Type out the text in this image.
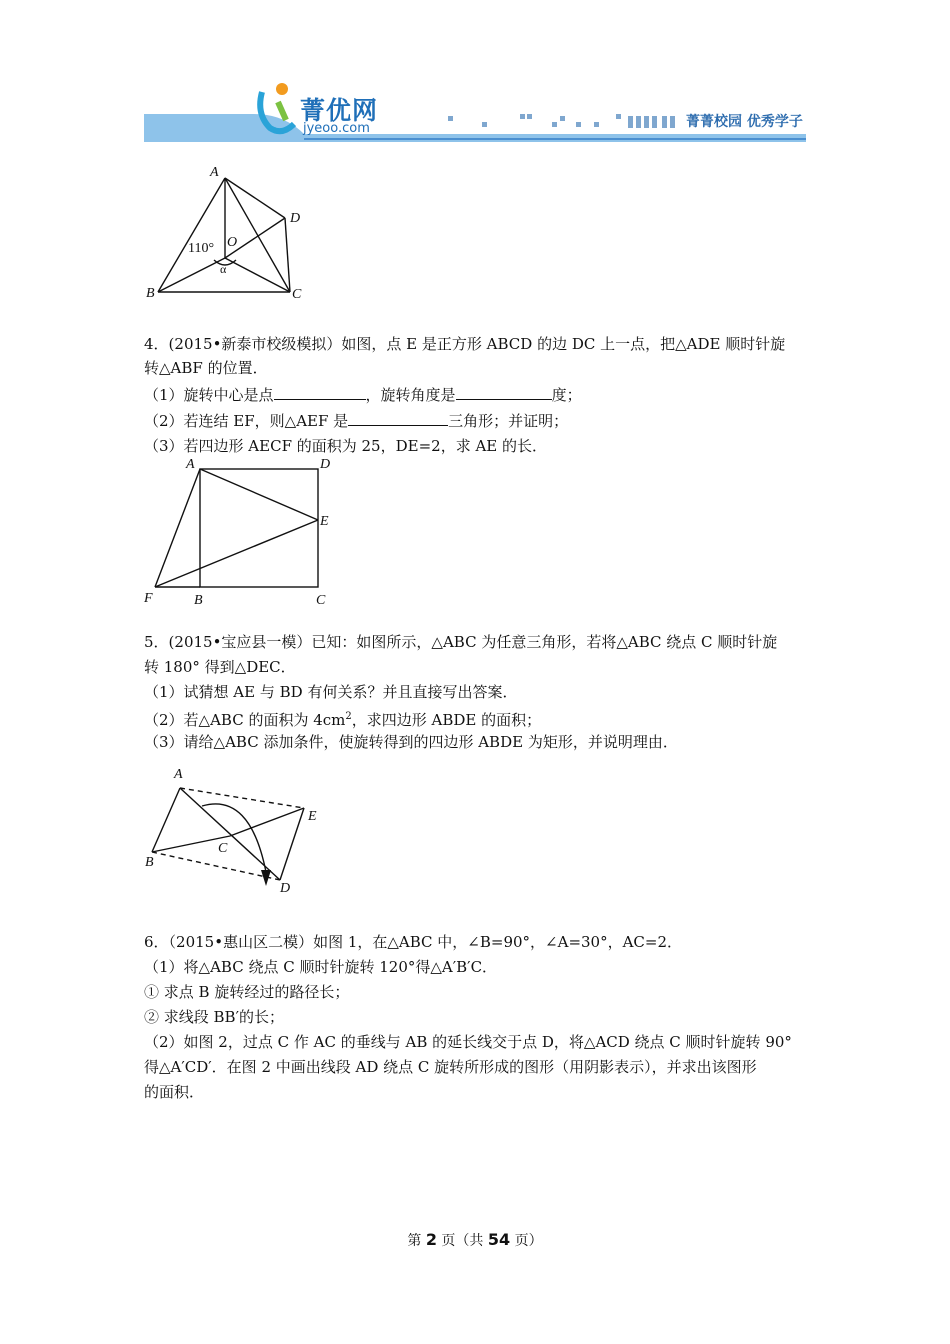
菁优网
jyeoo.com	菁菁校园 优秀学子
A
B	C
D
O
110°
α
4．(2015•新泰市校级模拟）如图，点 E 是正方形 ABCD 的边 DC 上一点，把△ADE 顺时针旋
转△ABF 的位置．
（1）旋转中心是点	，旋转角度是	度；
（2）若连结 EF，则△AEF 是	三角形；并证明；
（3）若四边形 AECF 的面积为 25，DE=2，求 AE 的长．
A	D
E
F	B	C
5．(2015•宝应县一模）已知：如图所示，△ABC 为任意三角形，若将△ABC 绕点 C 顺时针旋
转 180° 得到△DEC．
（1）试猜想 AE 与 BD 有何关系？并且直接写出答案．
（2）若△ABC 的面积为 $4cm^2$，求四边形 ABDE 的面积；
（3）请给△ABC 添加条件，使旋转得到的四边形 ABDE 为矩形，并说明理由．
A
B
C
D
E
6．（2015•惠山区二模）如图 1，在△ABC 中，∠B=90°，∠A=30°，AC=2．
（1）将△ABC 绕点 C 顺时针旋转 120°得△A′B′C．
① 求点 B 旋转经过的路径长；
② 求线段 BB′的长；
（2）如图 2，过点 C 作 AC 的垂线与 AB 的延长线交于点 D，将△ACD 绕点 C 顺时针旋转 90°
得△A′CD′．在图 2 中画出线段 AD 绕点 C 旋转所形成的图形（用阴影表示），并求出该图形
的面积．
第 2 页（共 54 页）
